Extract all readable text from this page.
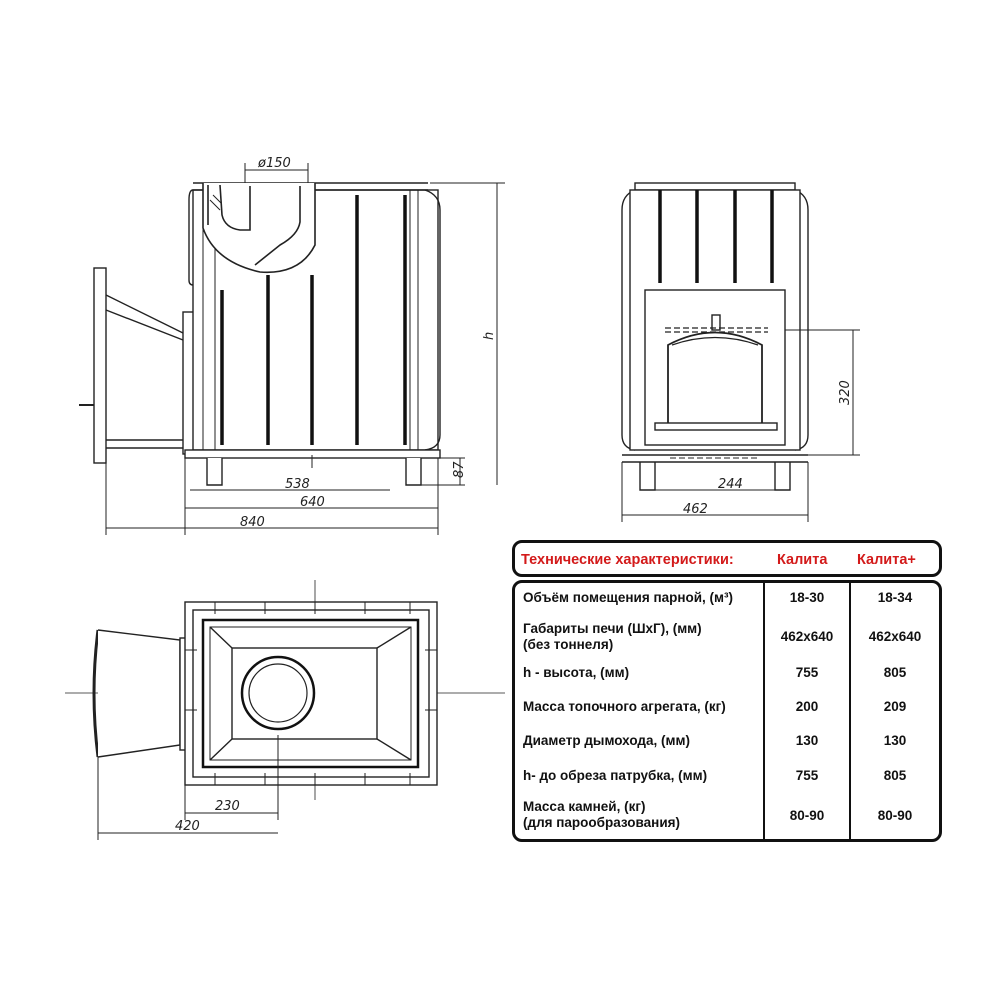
ø150
h
87
538
640
840
320
244
462
230
420
Технические характеристики:	Калита Калита+
Объём помещения парной, (м³)	18-30	18-34
Габариты печи (ШхГ), (мм)
(без тоннеля)
462х640	462х640
h - высота, (мм)	755	805
Масса топочного агрегата, (кг)	200	209
Диаметр дымохода, (мм)	130	130
h- до обреза патрубка, (мм)	755	805
Масса камней, (кг)
(для парообразования)	80-90	80-90
